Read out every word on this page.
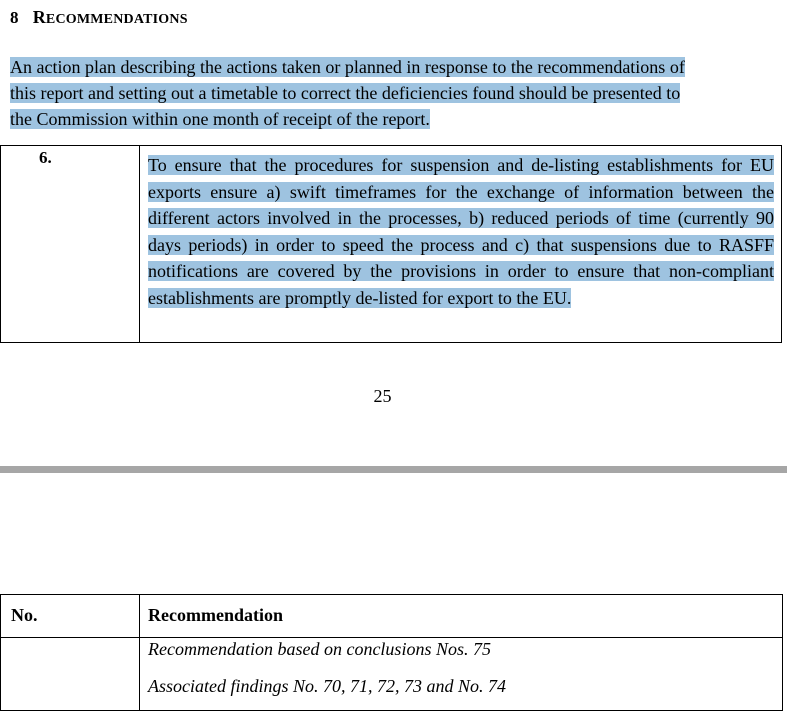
8 RECOMMENDATIONS
An action plan describing the actions taken or planned in response to the recommendations of
this report and setting out a timetable to correct the deficiencies found should be presented to
the Commission within one month of receipt of the report.
6.	To ensure that the procedures for suspension and de-listing establishments for EU exports ensure a) swift timeframes for the exchange of information between the different actors involved in the processes, b) reduced periods of time (currently 90 days periods) in order to speed the process and c) that suspensions due to RASFF notifications are covered by the provisions in order to ensure that non-compliant establishments are promptly de-listed for export to the EU.
25
No.	Recommendation
Recommendation based on conclusions Nos. 75
Associated findings No. 70, 71, 72, 73 and No. 74
